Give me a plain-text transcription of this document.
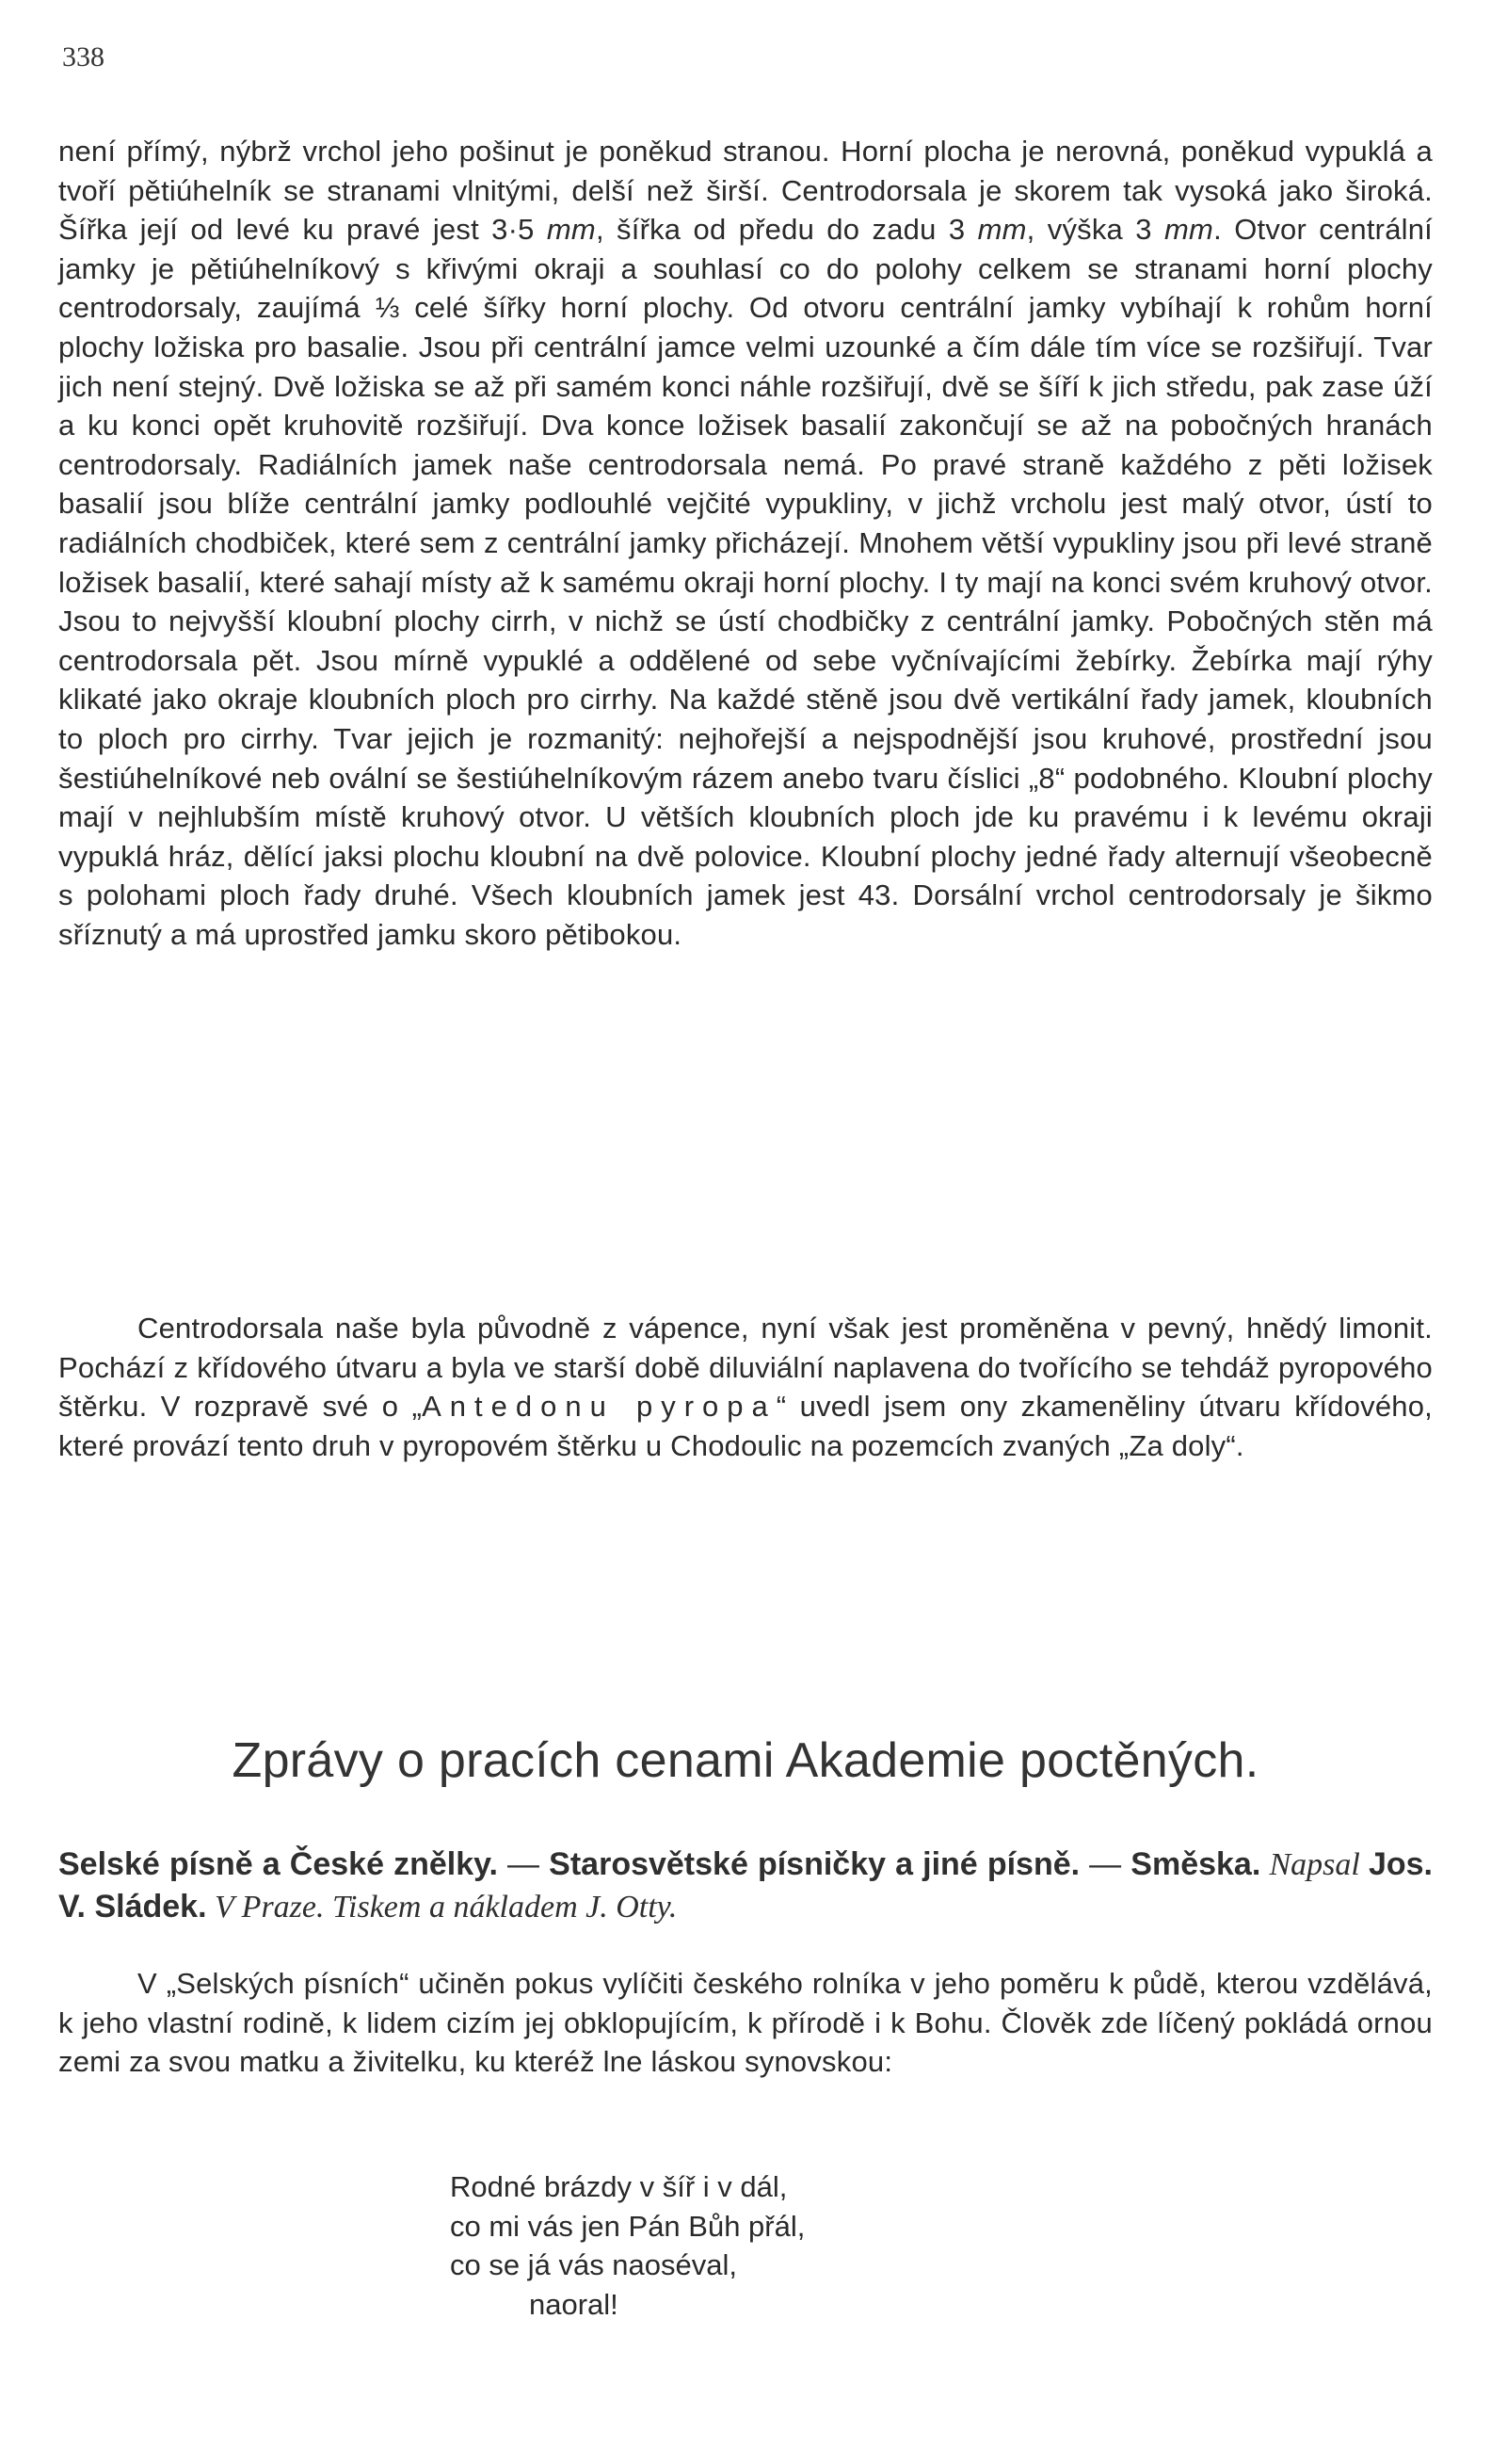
338
není přímý, nýbrž vrchol jeho pošinut je poněkud stranou. Horní plocha je nerovná, poněkud vypuklá a tvoří pětiúhelník se stranami vlnitými, delší než širší. Centrodorsala je skorem tak vysoká jako široká. Šířka její od levé ku pravé jest 3·5 mm, šířka od předu do zadu 3 mm, výška 3 mm. Otvor centrální jamky je pětiúhelníkový s křivými okraji a souhlasí co do polohy celkem se stranami horní plochy centrodorsaly, zaujímá ⅓ celé šířky horní plochy. Od otvoru centrální jamky vybíhají k rohům horní plochy ložiska pro basalie. Jsou při centrální jamce velmi uzounké a čím dále tím více se rozšiřují. Tvar jich není stejný. Dvě ložiska se až při samém konci náhle rozšiřují, dvě se šíří k jich středu, pak zase úží a ku konci opět kruhovitě rozšiřují. Dva konce ložisek basalií zakončují se až na pobočných hranách centrodorsaly. Radiálních jamek naše centrodorsala nemá. Po pravé straně každého z pěti ložisek basalií jsou blíže centrální jamky podlouhlé vejčité vypukliny, v jichž vrcholu jest malý otvor, ústí to radiálních chodbiček, které sem z centrální jamky přicházejí. Mnohem větší vypukliny jsou při levé straně ložisek basalií, které sahají místy až k samému okraji horní plochy. I ty mají na konci svém kruhový otvor. Jsou to nejvyšší kloubní plochy cirrh, v nichž se ústí chodbičky z centrální jamky. Pobočných stěn má centrodorsala pět. Jsou mírně vypuklé a oddělené od sebe vyčnívajícími žebírky. Žebírka mají rýhy klikaté jako okraje kloubních ploch pro cirrhy. Na každé stěně jsou dvě vertikální řady jamek, kloubních to ploch pro cirrhy. Tvar jejich je rozmanitý: nejhořejší a nejspodnější jsou kruhové, prostřední jsou šestiúhelníkové neb ovální se šestiúhelníkovým rázem anebo tvaru číslici „8“ podobného. Kloubní plochy mají v nejhlubším místě kruhový otvor. U větších kloubních ploch jde ku pravému i k levému okraji vypuklá hráz, dělící jaksi plochu kloubní na dvě polovice. Kloubní plochy jedné řady alternují všeobecně s polohami ploch řady druhé. Všech kloubních jamek jest 43. Dorsální vrchol centrodorsaly je šikmo sříznutý a má uprostřed jamku skoro pětibokou.
Centrodorsala naše byla původně z vápence, nyní však jest proměněna v pevný, hnědý limonit. Pochází z křídového útvaru a byla ve starší době diluviální naplavena do tvořícího se tehdáž pyropového štěrku. V rozpravě své o „Antedonu pyropa“ uvedl jsem ony zkameněliny útvaru křídového, které provází tento druh v pyropovém štěrku u Chodoulic na pozemcích zvaných „Za doly“.
Zprávy o pracích cenami Akademie poctěných.
Selské písně a České znělky. — Starosvětské písničky a jiné písně. — Směska. Napsal Jos. V. Sládek. V Praze. Tiskem a nákladem J. Otty.
V „Selských písních“ učiněn pokus vylíčiti českého rolníka v jeho poměru k půdě, kterou vzdělává, k jeho vlastní rodině, k lidem cizím jej obklopujícím, k přírodě i k Bohu. Člověk zde líčený pokládá ornou zemi za svou matku a živitelku, ku kteréž lne láskou synovskou:
Rodné brázdy v šíř i v dál,
co mi vás jen Pán Bůh přál,
co se já vás naoséval,
naoral!
